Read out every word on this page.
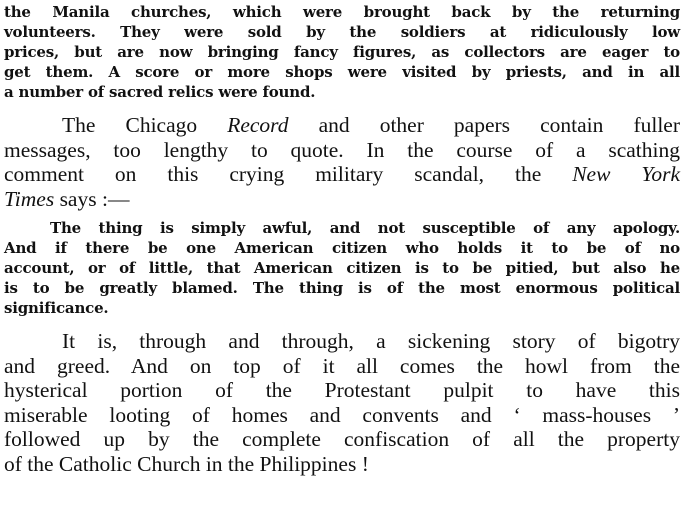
the Manila churches, which were brought back by the returning
volunteers. They were sold by the soldiers at ridiculously low
prices, but are now bringing fancy figures, as collectors are eager to
get them. A score or more shops were visited by priests, and in all
a number of sacred relics were found.
The Chicago Record and other papers contain fuller
messages, too lengthy to quote. In the course of a scathing
comment on this crying military scandal, the New York
Times says :—
The thing is simply awful, and not susceptible of any apology.
And if there be one American citizen who holds it to be of no
account, or of little, that American citizen is to be pitied, but also he
is to be greatly blamed. The thing is of the most enormous political
significance.
It is, through and through, a sickening story of bigotry
and greed. And on top of it all comes the howl from the
hysterical portion of the Protestant pulpit to have this
miserable looting of homes and convents and ‘ mass-houses ’
followed up by the complete confiscation of all the property
of the Catholic Church in the Philippines !
